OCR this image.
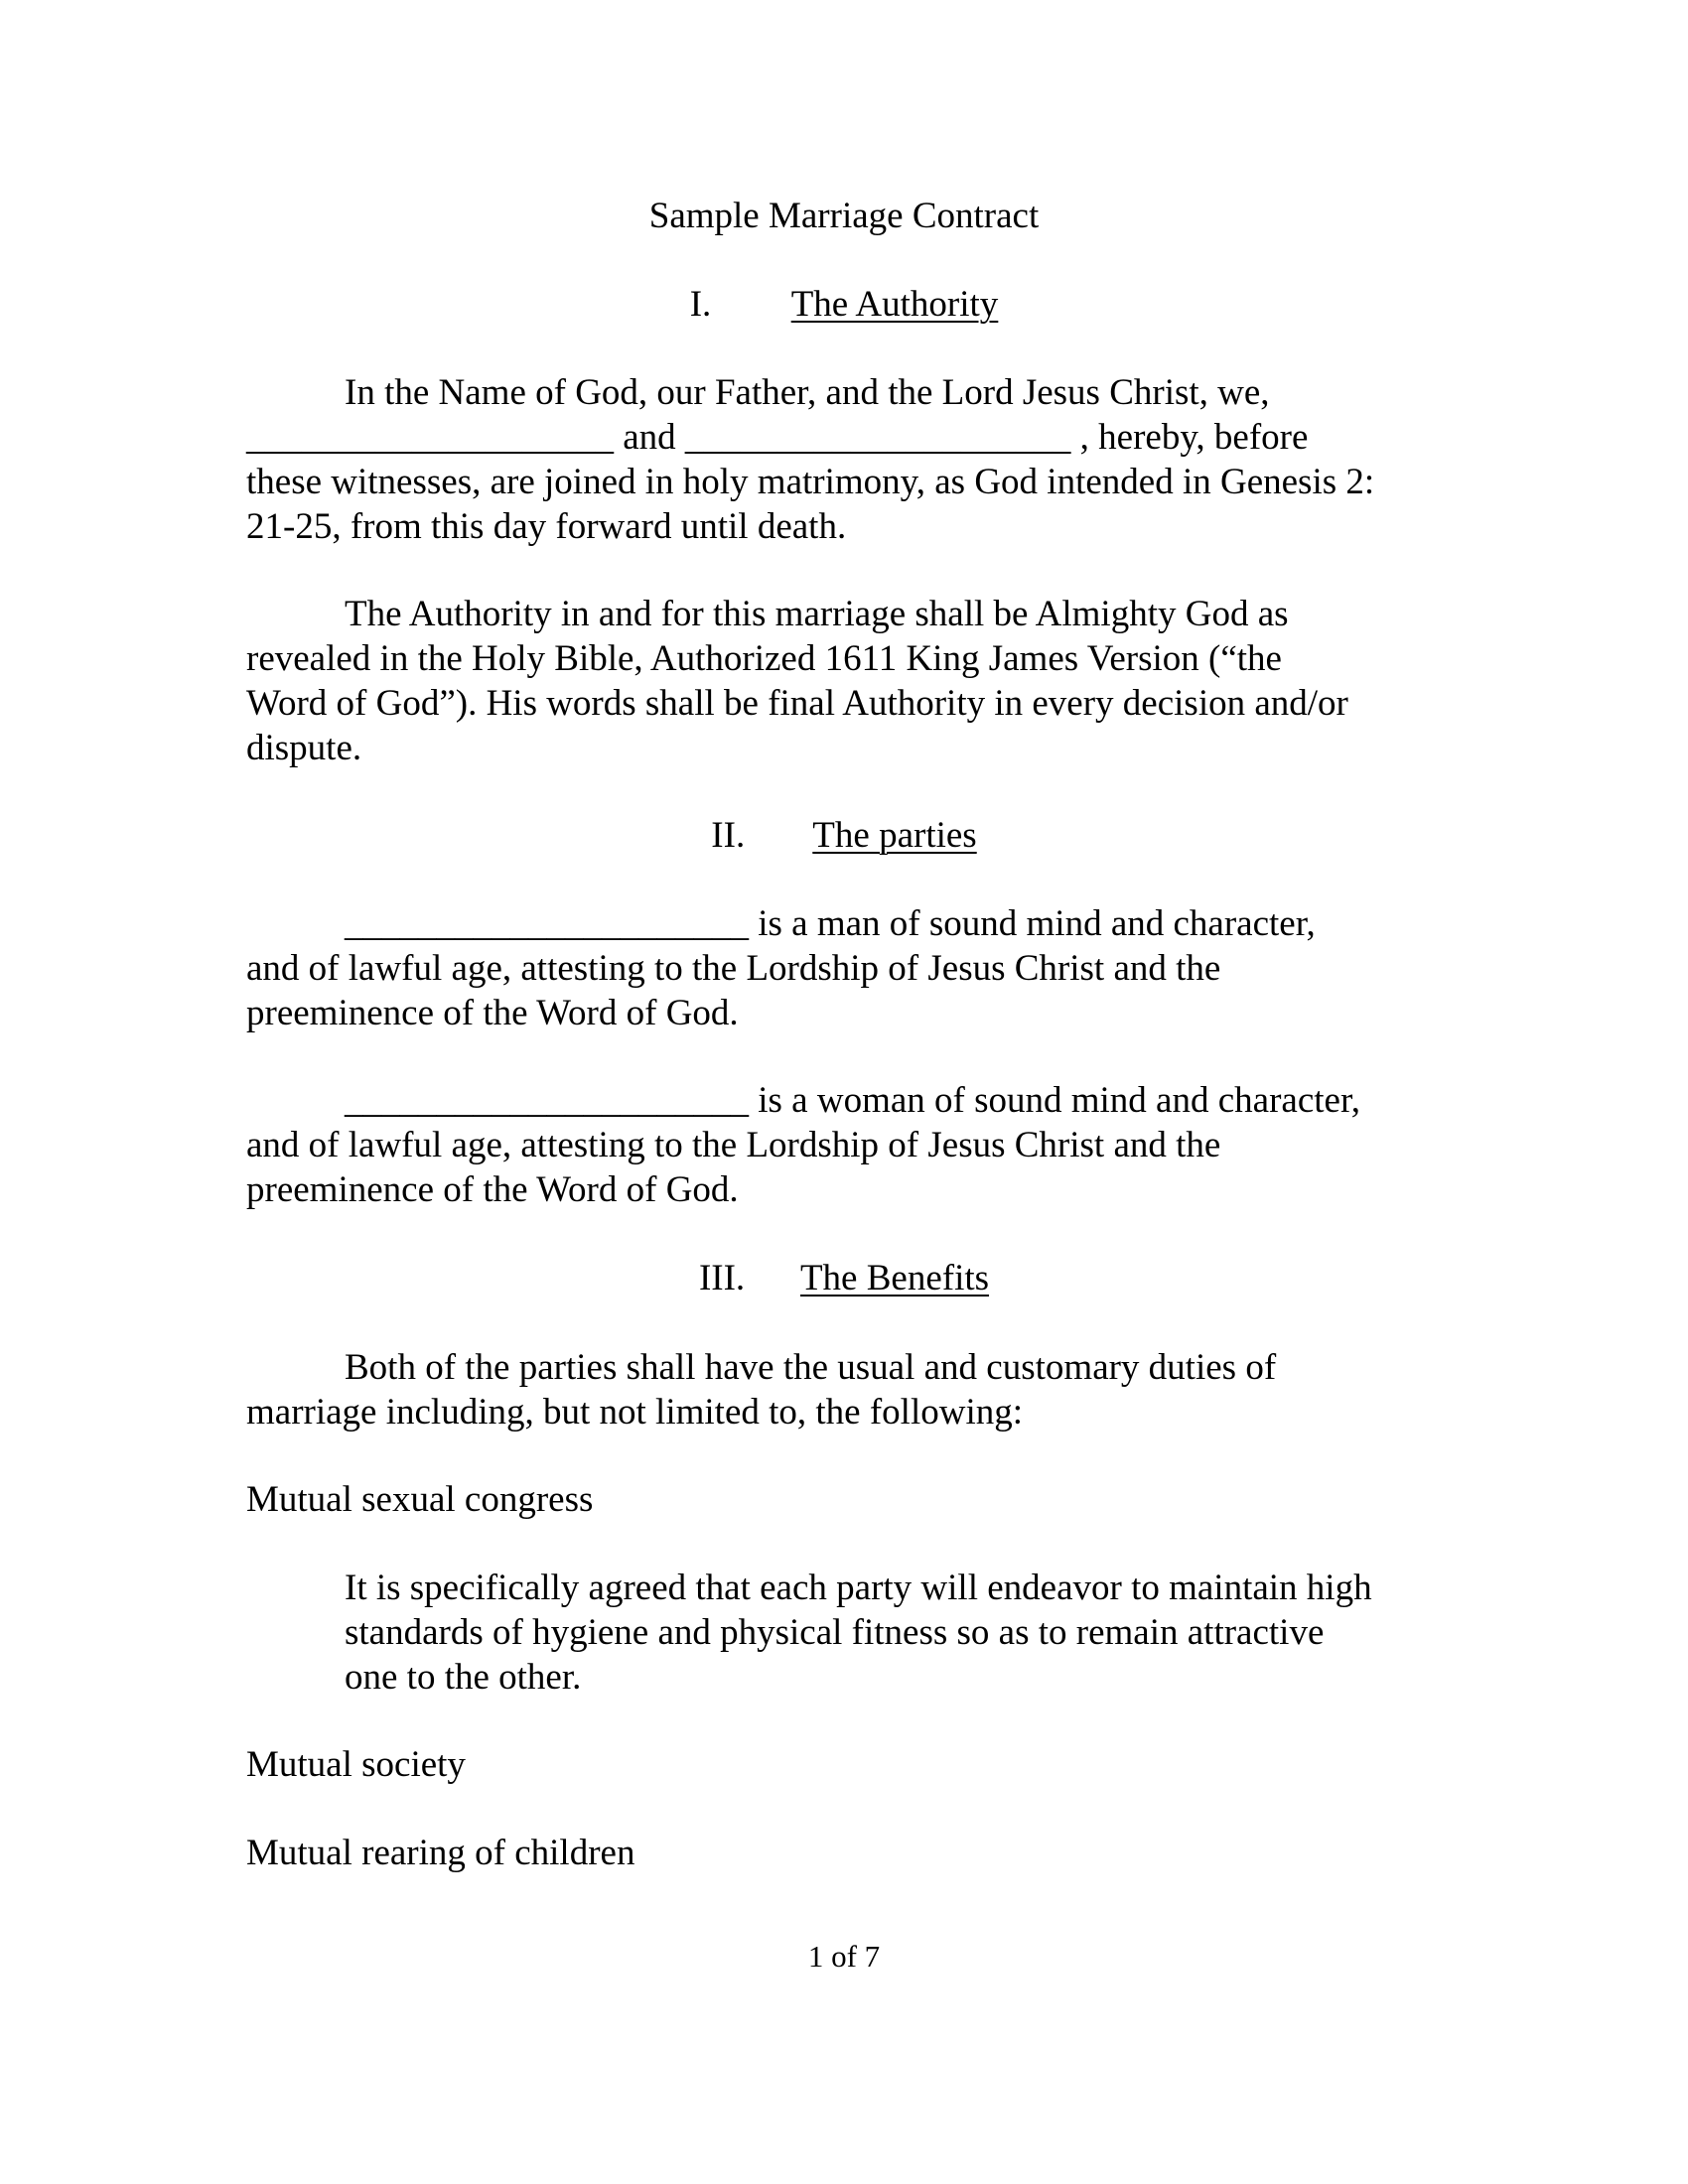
Sample Marriage Contract

I. The Authority

In the Name of God, our Father, and the Lord Jesus Christ, we,

____________________ and _____________________ , hereby, before

these witnesses, are joined in holy matrimony, as God intended in Genesis 2:

21-25, from this day forward until death.

The Authority in and for this marriage shall be Almighty God as

revealed in the Holy Bible, Authorized 1611 King James Version (“the

Word of God”). His words shall be final Authority in every decision and/or

dispute.

II. The parties

______________________ is a man of sound mind and character,

and of lawful age, attesting to the Lordship of Jesus Christ and the

preeminence of the Word of God.

______________________ is a woman of sound mind and character,

and of lawful age, attesting to the Lordship of Jesus Christ and the

preeminence of the Word of God.

III. The Benefits

Both of the parties shall have the usual and customary duties of

marriage including, but not limited to, the following:

Mutual sexual congress

It is specifically agreed that each party will endeavor to maintain high

standards of hygiene and physical fitness so as to remain attractive

one to the other.

Mutual society

Mutual rearing of children

1 of 7
